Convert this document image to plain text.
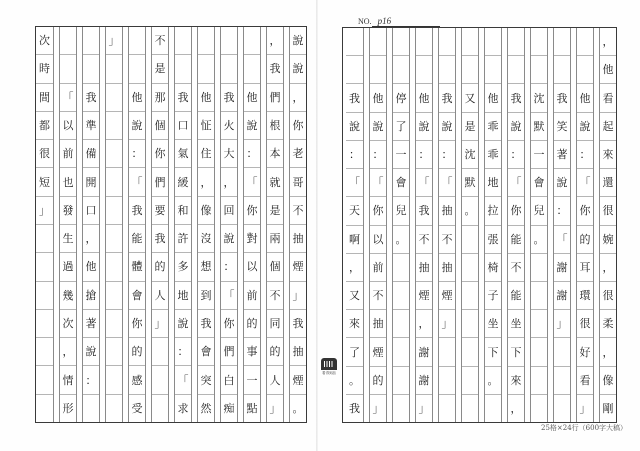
說
說
，
你
老
哥
不
抽
煙
」
我
抽
煙
。
，
我
們
根
本
就
是
兩
個
不
同
的
人
」
他
說
：
「
你
對
以
前
的
事
一
點
我
火
大
，
回
說
：
「
你
們
白
痴
他
怔
住
，
像
沒
想
到
我
會
突
然
我
口
氣
緩
和
許
多
地
說
：
「
求
不
是
那
個
你
們
要
我
的
人
」
他
說
：
「
我
能
體
會
你
的
感
受
」
我
準
備
開
口
，
他
搶
著
說
：
「
以
前
也
發
生
過
幾
次
，
情
形
次
時
間
都
很
短
」
，
他
看
起
來
還
很
婉
，
很
柔
，
像
剛
他
說
：
「
你
的
耳
環
很
好
看
」
我
笑
著
說
：
「
謝
謝
」
沈
默
一
會
兒
。
我
說
：
「
你
能
不
能
坐
下
來
，
他
乖
乖
地
拉
張
椅
子
坐
下
。
又
是
沈
默
。
我
說
：
「
抽
不
抽
煙
」
他
說
：
「
我
不
抽
煙
，
謝
謝
」
停
了
一
會
兒
。
他
說
：
「
你
以
前
不
抽
煙
的
」
我
說
：
「
天
啊
，
又
來
了
。
我
NO. p16
看得到品
25格×24行（600字大稿）
